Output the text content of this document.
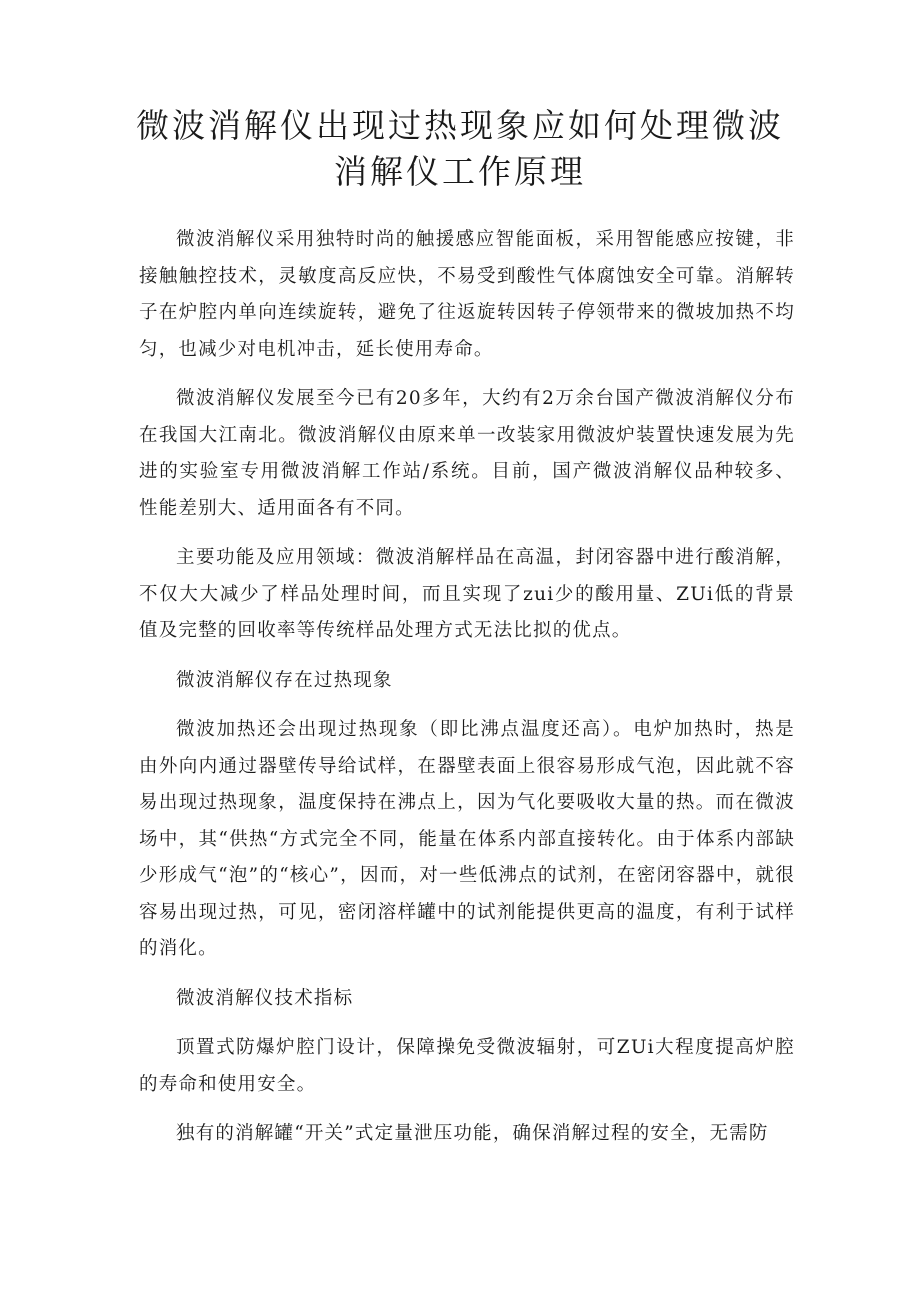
微波消解仪出现过热现象应如何处理微波消解仪工作原理

微波消解仪采用独特时尚的触援感应智能面板，采用智能感应按键，非接触触控技术，灵敏度高反应快，不易受到酸性气体腐蚀安全可靠。消解转子在炉腔内单向连续旋转，避免了往返旋转因转子停领带来的微坡加热不均匀，也减少对电机冲击，延长使用寿命。

微波消解仪发展至今已有20多年，大约有2万余台国产微波消解仪分布在我国大江南北。微波消解仪由原来单一改装家用微波炉装置快速发展为先进的实验室专用微波消解工作站/系统。目前，国产微波消解仪品种较多、性能差别大、适用面各有不同。

主要功能及应用领域：微波消解样品在高温，封闭容器中进行酸消解，不仅大大减少了样品处理时间，而且实现了zui少的酸用量、ZUi低的背景值及完整的回收率等传统样品处理方式无法比拟的优点。

微波消解仪存在过热现象

微波加热还会出现过热现象（即比沸点温度还高）。电炉加热时，热是由外向内通过器壁传导给试样，在器壁表面上很容易形成气泡，因此就不容易出现过热现象，温度保持在沸点上，因为气化要吸收大量的热。而在微波场中，其“供热“方式完全不同，能量在体系内部直接转化。由于体系内部缺少形成气“泡”的“核心”，因而，对一些低沸点的试剂，在密闭容器中，就很容易出现过热，可见，密闭溶样罐中的试剂能提供更高的温度，有利于试样的消化。

微波消解仪技术指标

顶置式防爆炉腔门设计，保障操免受微波辐射，可ZUi大程度提高炉腔的寿命和使用安全。

独有的消解罐“开关”式定量泄压功能，确保消解过程的安全，无需防
